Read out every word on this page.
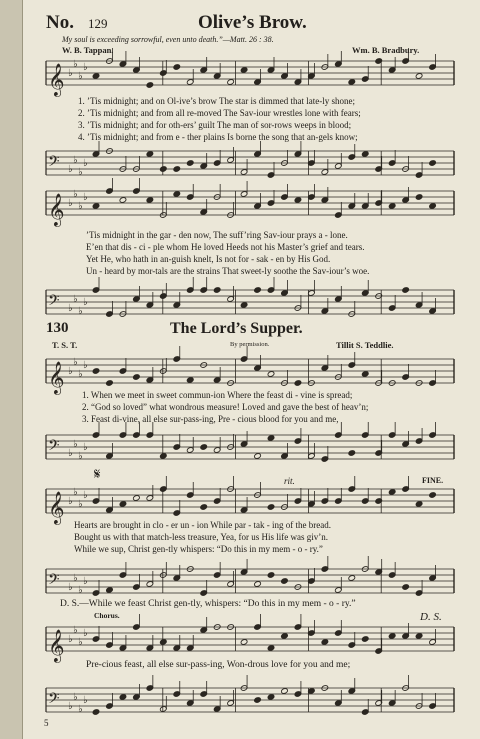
No. 129	Olive’s Brow.
My soul is exceeding sorrowful, even unto death.”—Matt. 26 : 38.
W. B. Tappan.	Wm. B. Bradbury.
𝄞 ♭
♭
♭
♭
1. ’Tis midnight; and on Ol-ive’s brow The star is dimmed that late-ly shone;
2. ’Tis midnight; and from all re-moved The Sav-iour wrestles lone with fears;
3. ’Tis midnight; and for oth-ers’ guilt The man of sor-rows weeps in blood;
4. ’Tis midnight; and from e - ther plains Is borne the song that an-gels know;
𝄢 ♭
♭
♭
♭
𝄞 ♭
♭
♭
♭
’Tis midnight in the gar - den now, The suff’ring Sav-iour prays a - lone.
E’en that dis - ci - ple whom He loved Heeds not his Master’s grief and tears.
Yet He, who hath in an-guish knelt, Is not for - sak - en by His God.
Un - heard by mor-tals are the strains That sweet-ly soothe the Sav-iour’s woe.
𝄢 ♭
♭
♭
♭
130	The Lord’s Supper.
T. S. T.	By permission.	Tillit S. Teddlie.
𝄞 ♭
♭
♭
♭
1. When we meet in sweet commun-ion Where the feast di - vine is spread;
2. “God so loved” what wondrous measure! Loved and gave the best of heav’n;
3. Feast di-vine, all else sur-pass-ing, Pre - cious blood for you and me,
𝄢 ♭
♭
♭
♭
𝄋	rit.	FINE.
𝄞 ♭
♭
♭
♭
Hearts are brought in clo - er un - ion While par - tak - ing of the bread.
Bought us with that match-less treasure, Yea, for us His life was giv’n.
While we sup, Christ gen-tly whispers: “Do this in my mem - o - ry.”
𝄢 ♭
♭
♭
♭
D. S.—While we feast Christ gen-tly, whispers: “Do this in my mem - o - ry.”
Chorus.	D. S.
𝄞 ♭
♭
♭
♭
Pre-cious feast, all else sur-pass-ing, Won-drous love for you and me;
𝄢 ♭
♭
♭
♭
5
